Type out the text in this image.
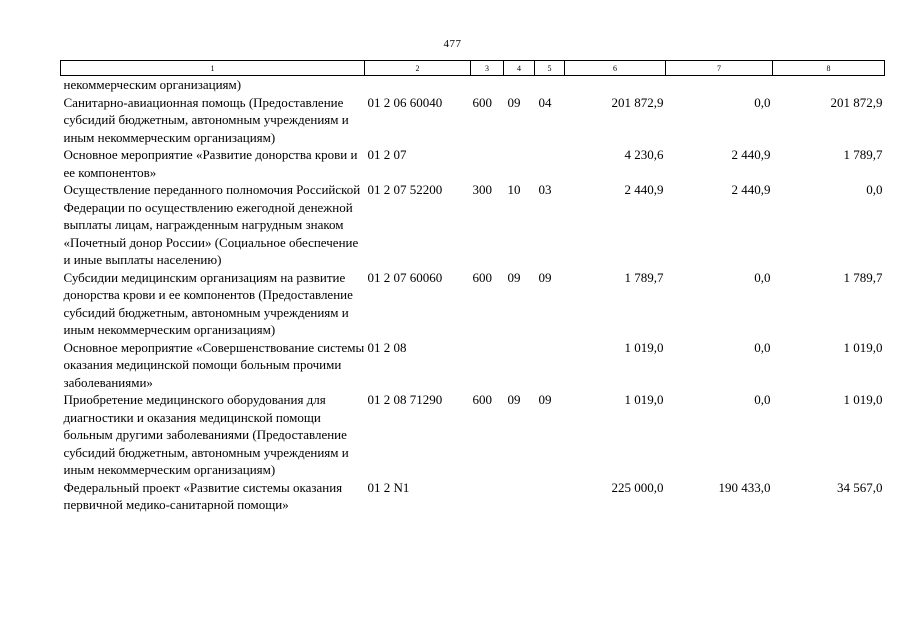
477
1	2	3	4	5	6	7	8
некоммерческим организациям)							
Санитарно-авиационная помощь (Предоставление субсидий бюджетным, автономным учреждениям и иным некоммерческим организациям)	01 2 06 60040	600	09	04	201 872,9	0,0	201 872,9
Основное мероприятие «Развитие донорства крови и ее компонентов»	01 2 07				4 230,6	2 440,9	1 789,7
Осуществление переданного полномочия Российской Федерации по осуществлению ежегодной денежной выплаты лицам, награжденным нагрудным знаком «Почетный донор России» (Социальное обеспечение и иные выплаты населению)	01 2 07 52200	300	10	03	2 440,9	2 440,9	0,0
Субсидии медицинским организациям на развитие донорства крови и ее компонентов (Предоставление субсидий бюджетным, автономным учреждениям и иным некоммерческим организациям)	01 2 07 60060	600	09	09	1 789,7	0,0	1 789,7
Основное мероприятие «Совершенствование системы оказания медицинской помощи больным прочими заболеваниями»	01 2 08				1 019,0	0,0	1 019,0
Приобретение медицинского оборудования для диагностики и оказания медицинской помощи больным другими заболеваниями (Предоставление субсидий бюджетным, автономным учреждениям и иным некоммерческим организациям)	01 2 08 71290	600	09	09	1 019,0	0,0	1 019,0
Федеральный проект «Развитие системы оказания первичной медико-санитарной помощи»	01 2 N1				225 000,0	190 433,0	34 567,0
